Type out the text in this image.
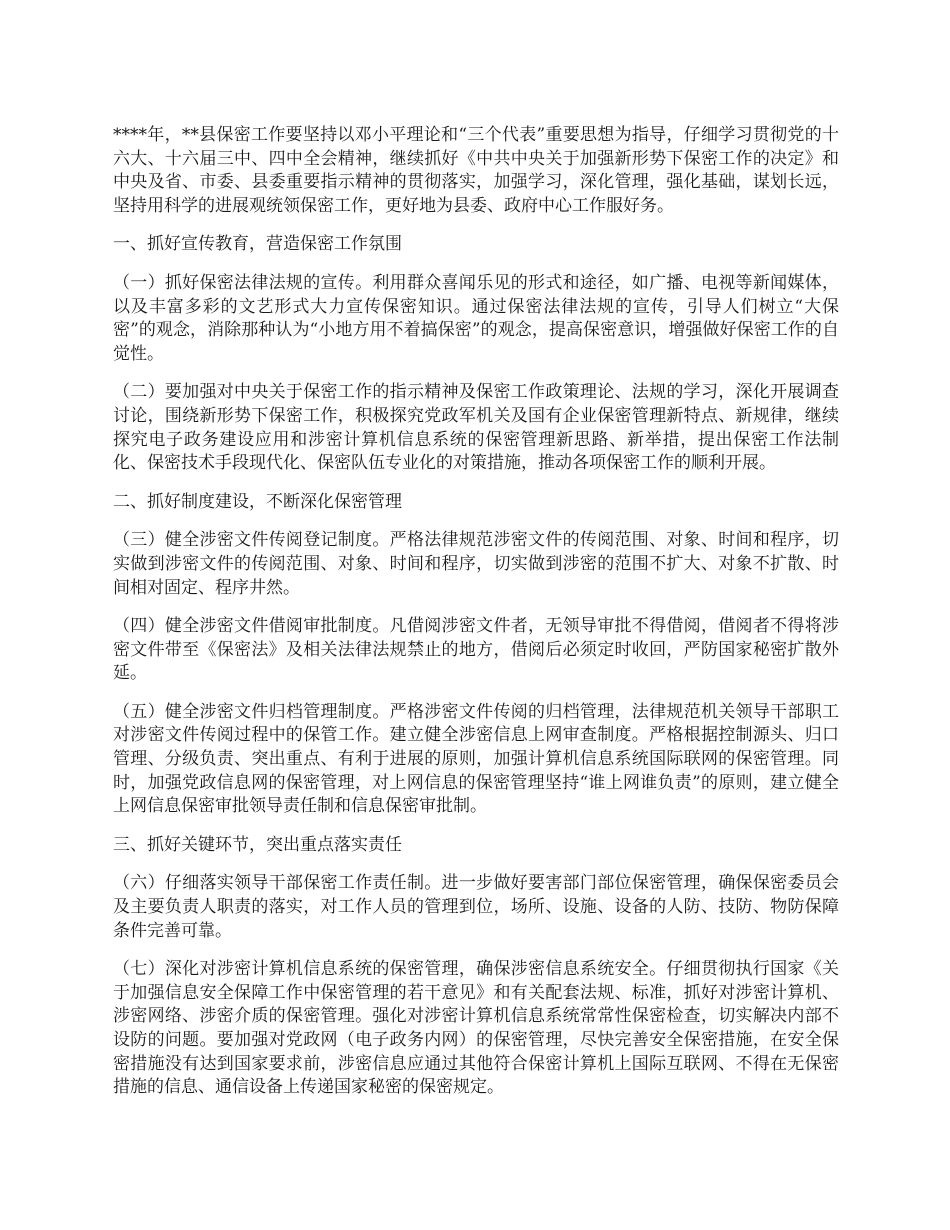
****年，**县保密工作要坚持以邓小平理论和“三个代表”重要思想为指导，仔细学习贯彻党的十六大、十六届三中、四中全会精神，继续抓好《中共中央关于加强新形势下保密工作的决定》和中央及省、市委、县委重要指示精神的贯彻落实，加强学习，深化管理，强化基础，谋划长远，坚持用科学的进展观统领保密工作，更好地为县委、政府中心工作服好务。

一、抓好宣传教育，营造保密工作氛围

（一）抓好保密法律法规的宣传。利用群众喜闻乐见的形式和途径，如广播、电视等新闻媒体，以及丰富多彩的文艺形式大力宣传保密知识。通过保密法律法规的宣传，引导人们树立“大保密”的观念，消除那种认为“小地方用不着搞保密”的观念，提高保密意识，增强做好保密工作的自觉性。

（二）要加强对中央关于保密工作的指示精神及保密工作政策理论、法规的学习，深化开展调查讨论，围绕新形势下保密工作，积极探究党政军机关及国有企业保密管理新特点、新规律，继续探究电子政务建设应用和涉密计算机信息系统的保密管理新思路、新举措，提出保密工作法制化、保密技术手段现代化、保密队伍专业化的对策措施，推动各项保密工作的顺利开展。

二、抓好制度建设，不断深化保密管理

（三）健全涉密文件传阅登记制度。严格法律规范涉密文件的传阅范围、对象、时间和程序，切实做到涉密文件的传阅范围、对象、时间和程序，切实做到涉密的范围不扩大、对象不扩散、时间相对固定、程序井然。

（四）健全涉密文件借阅审批制度。凡借阅涉密文件者，无领导审批不得借阅，借阅者不得将涉密文件带至《保密法》及相关法律法规禁止的地方，借阅后必须定时收回，严防国家秘密扩散外延。

（五）健全涉密文件归档管理制度。严格涉密文件传阅的归档管理，法律规范机关领导干部职工对涉密文件传阅过程中的保管工作。建立健全涉密信息上网审查制度。严格根据控制源头、归口管理、分级负责、突出重点、有利于进展的原则，加强计算机信息系统国际联网的保密管理。同时，加强党政信息网的保密管理，对上网信息的保密管理坚持“谁上网谁负责”的原则，建立健全上网信息保密审批领导责任制和信息保密审批制。

三、抓好关键环节，突出重点落实责任

（六）仔细落实领导干部保密工作责任制。进一步做好要害部门部位保密管理，确保保密委员会及主要负责人职责的落实，对工作人员的管理到位，场所、设施、设备的人防、技防、物防保障条件完善可靠。

（七）深化对涉密计算机信息系统的保密管理，确保涉密信息系统安全。仔细贯彻执行国家《关于加强信息安全保障工作中保密管理的若干意见》和有关配套法规、标准，抓好对涉密计算机、涉密网络、涉密介质的保密管理。强化对涉密计算机信息系统常常性保密检查，切实解决内部不设防的问题。要加强对党政网（电子政务内网）的保密管理，尽快完善安全保密措施，在安全保密措施没有达到国家要求前，涉密信息应通过其他符合保密计算机上国际互联网、不得在无保密措施的信息、通信设备上传递国家秘密的保密规定。
